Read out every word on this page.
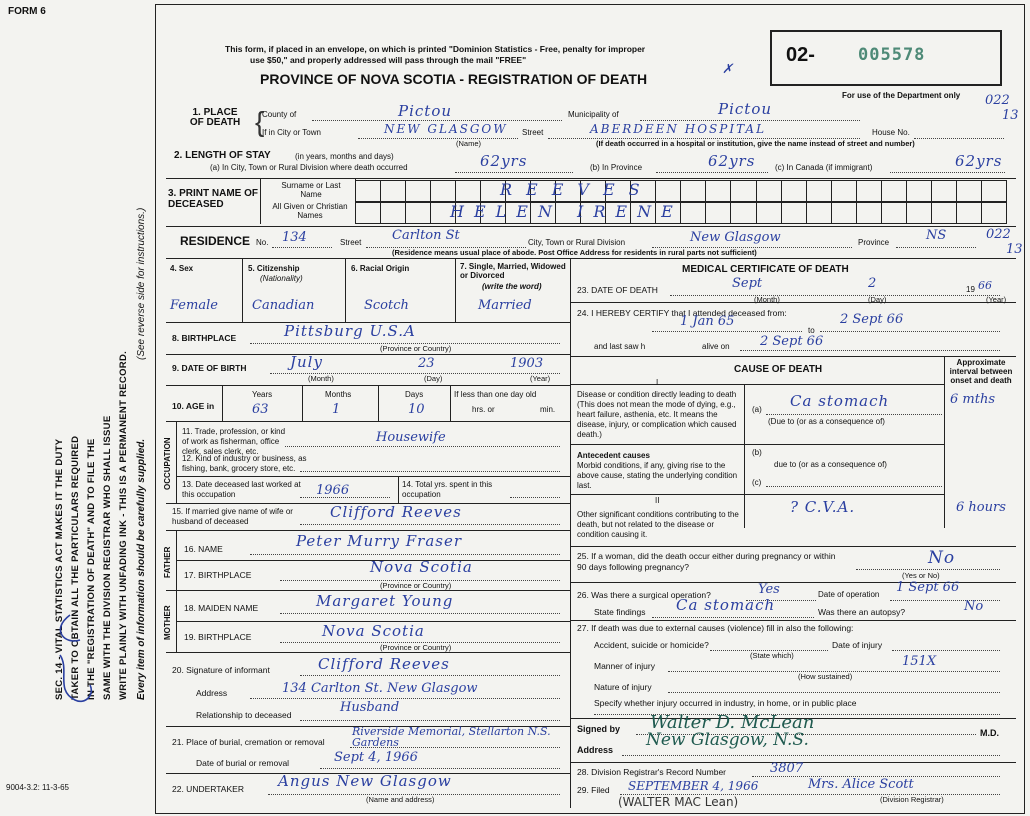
FORM 6
9004-3.2: 11-3-65
SEC. 14 - VITAL STATISTICS ACT MAKES IT THE DUTY TAKER TO OBTAIN ALL THE PARTICULARS REQUIRED IN THE "REGISTRATION OF DEATH" AND TO FILE THE SAME WITH THE DIVISION REGISTRAR WHO SHALL ISSUE WRITE PLAINLY WITH UNFADING INK - THIS IS A PERMANENT RECORD. Every item of information should be carefully supplied.
(See reverse side for instructions.)
This form, if placed in an envelope, on which is printed "Dominion Statistics - Free, penalty for improper
use $50," and properly addressed will pass through the mail "FREE"
PROVINCE OF NOVA SCOTIA - REGISTRATION OF DEATH
02-	005578
For use of the Department only
✗
1. PLACE OF DEATH {
County of	Pictou	Municipality of	Pictou	022
13
If in City or Town	NEW GLASGOW Street	ABERDEEN HOSPITAL	House No.
(Name)	(If death occurred in a hospital or institution, give the name instead of street and number)
2. LENGTH OF STAY	(in years, months and days)
(a) In City, Town or Rural Division where death occurred	62yrs	(b) In Province	62yrs (c) In Canada (if immigrant)	62yrs
3. PRINT NAME OF DECEASED
Surname or Last Name
All Given or Christian Names
REEVES
HELEN IRENE
RESIDENCE No. 134	Street Carlton St	City, Town or Rural Division	New Glasgow	Province	NS	022
13
(Residence means usual place of abode. Post Office Address for residents in rural parts not sufficient)
4. Sex	5. Citizenship
(Nationality)
6. Racial Origin	7. Single, Married, Widowed or Divorced
(write the word)
Female	Canadian	Scotch	Married
8. BIRTHPLACE	Pittsburg U.S.A
(Province or Country)
9. DATE OF BIRTH	July	23	1903
(Month)	(Day)	(Year)
10. AGE in
Years	Months	Days
63	1	10
If less than one day old
hrs. or	min.
OCCUPATION
11. Trade, profession, or kind of work as fisherman, office clerk, sales clerk, etc.
Housewife
12. Kind of industry or business, as fishing, bank, grocery store, etc.
13. Date deceased last worked at this occupation	1966	14. Total yrs. spent in this occupation
15. If married give name of wife or husband of deceased
Clifford Reeves
FATHER 16. NAME	Peter Murry Fraser
17. BIRTHPLACE	Nova Scotia
(Province or Country)
MOTHER 18. MAIDEN NAME	Margaret Young
19. BIRTHPLACE	Nova Scotia
(Province or Country)
20. Signature of informant	Clifford Reeves
Address	134 Carlton St. New Glasgow
Relationship to deceased	Husband
21. Place of burial, cremation or removal
Riverside Memorial, Stellarton N.S. Gardens
Date of burial or removal	Sept 4, 1966
22. UNDERTAKER Angus New Glasgow
(Name and address)
MEDICAL CERTIFICATE OF DEATH
23. DATE OF DEATH	Sept	2	19 66
(Month)	(Day)	(Year)
24. I HEREBY CERTIFY that I attended deceased from:
1 Jan 65
to
2 Sept 66
and last saw h	alive on 2 Sept 66
CAUSE OF DEATH
Approximate interval between onset and death
I
Disease or condition directly leading to death (This does not mean the mode of dying, e.g., heart failure, asthenia, etc. It means the disease, injury, or complication which caused death.)
(a) Ca stomach	6 mths
(Due to (or as a consequence of)
(b)
Antecedent causes
Morbid conditions, if any, giving rise to the above cause, stating the underlying condition last.
due to (or as a consequence of)
(c)
II
Other significant conditions contributing to the death, but not related to the disease or condition causing it.
? C.V.A.	6 hours
25. If a woman, did the death occur either during pregnancy or within 90 days following pregnancy?	No
(Yes or No)
26. Was there a surgical operation?	Yes	Date of operation 1 Sept 66
State findings Ca stomach	Was there an autopsy?	No
27. If death was due to external causes (violence) fill in also the following:
Accident, suicide or homicide?
(State which)
Date of injury
Manner of injury	151X
(How sustained)
Nature of injury
Specify whether injury occurred in industry, in home, or in public place
Signed by Walter D. McLean	M.D.
Address New Glasgow, N.S.
28. Division Registrar's Record Number	3807
29. Filed SEPTEMBER 4, 1966	Mrs. Alice Scott
(Division Registrar)
(WALTER MAC Lean)
